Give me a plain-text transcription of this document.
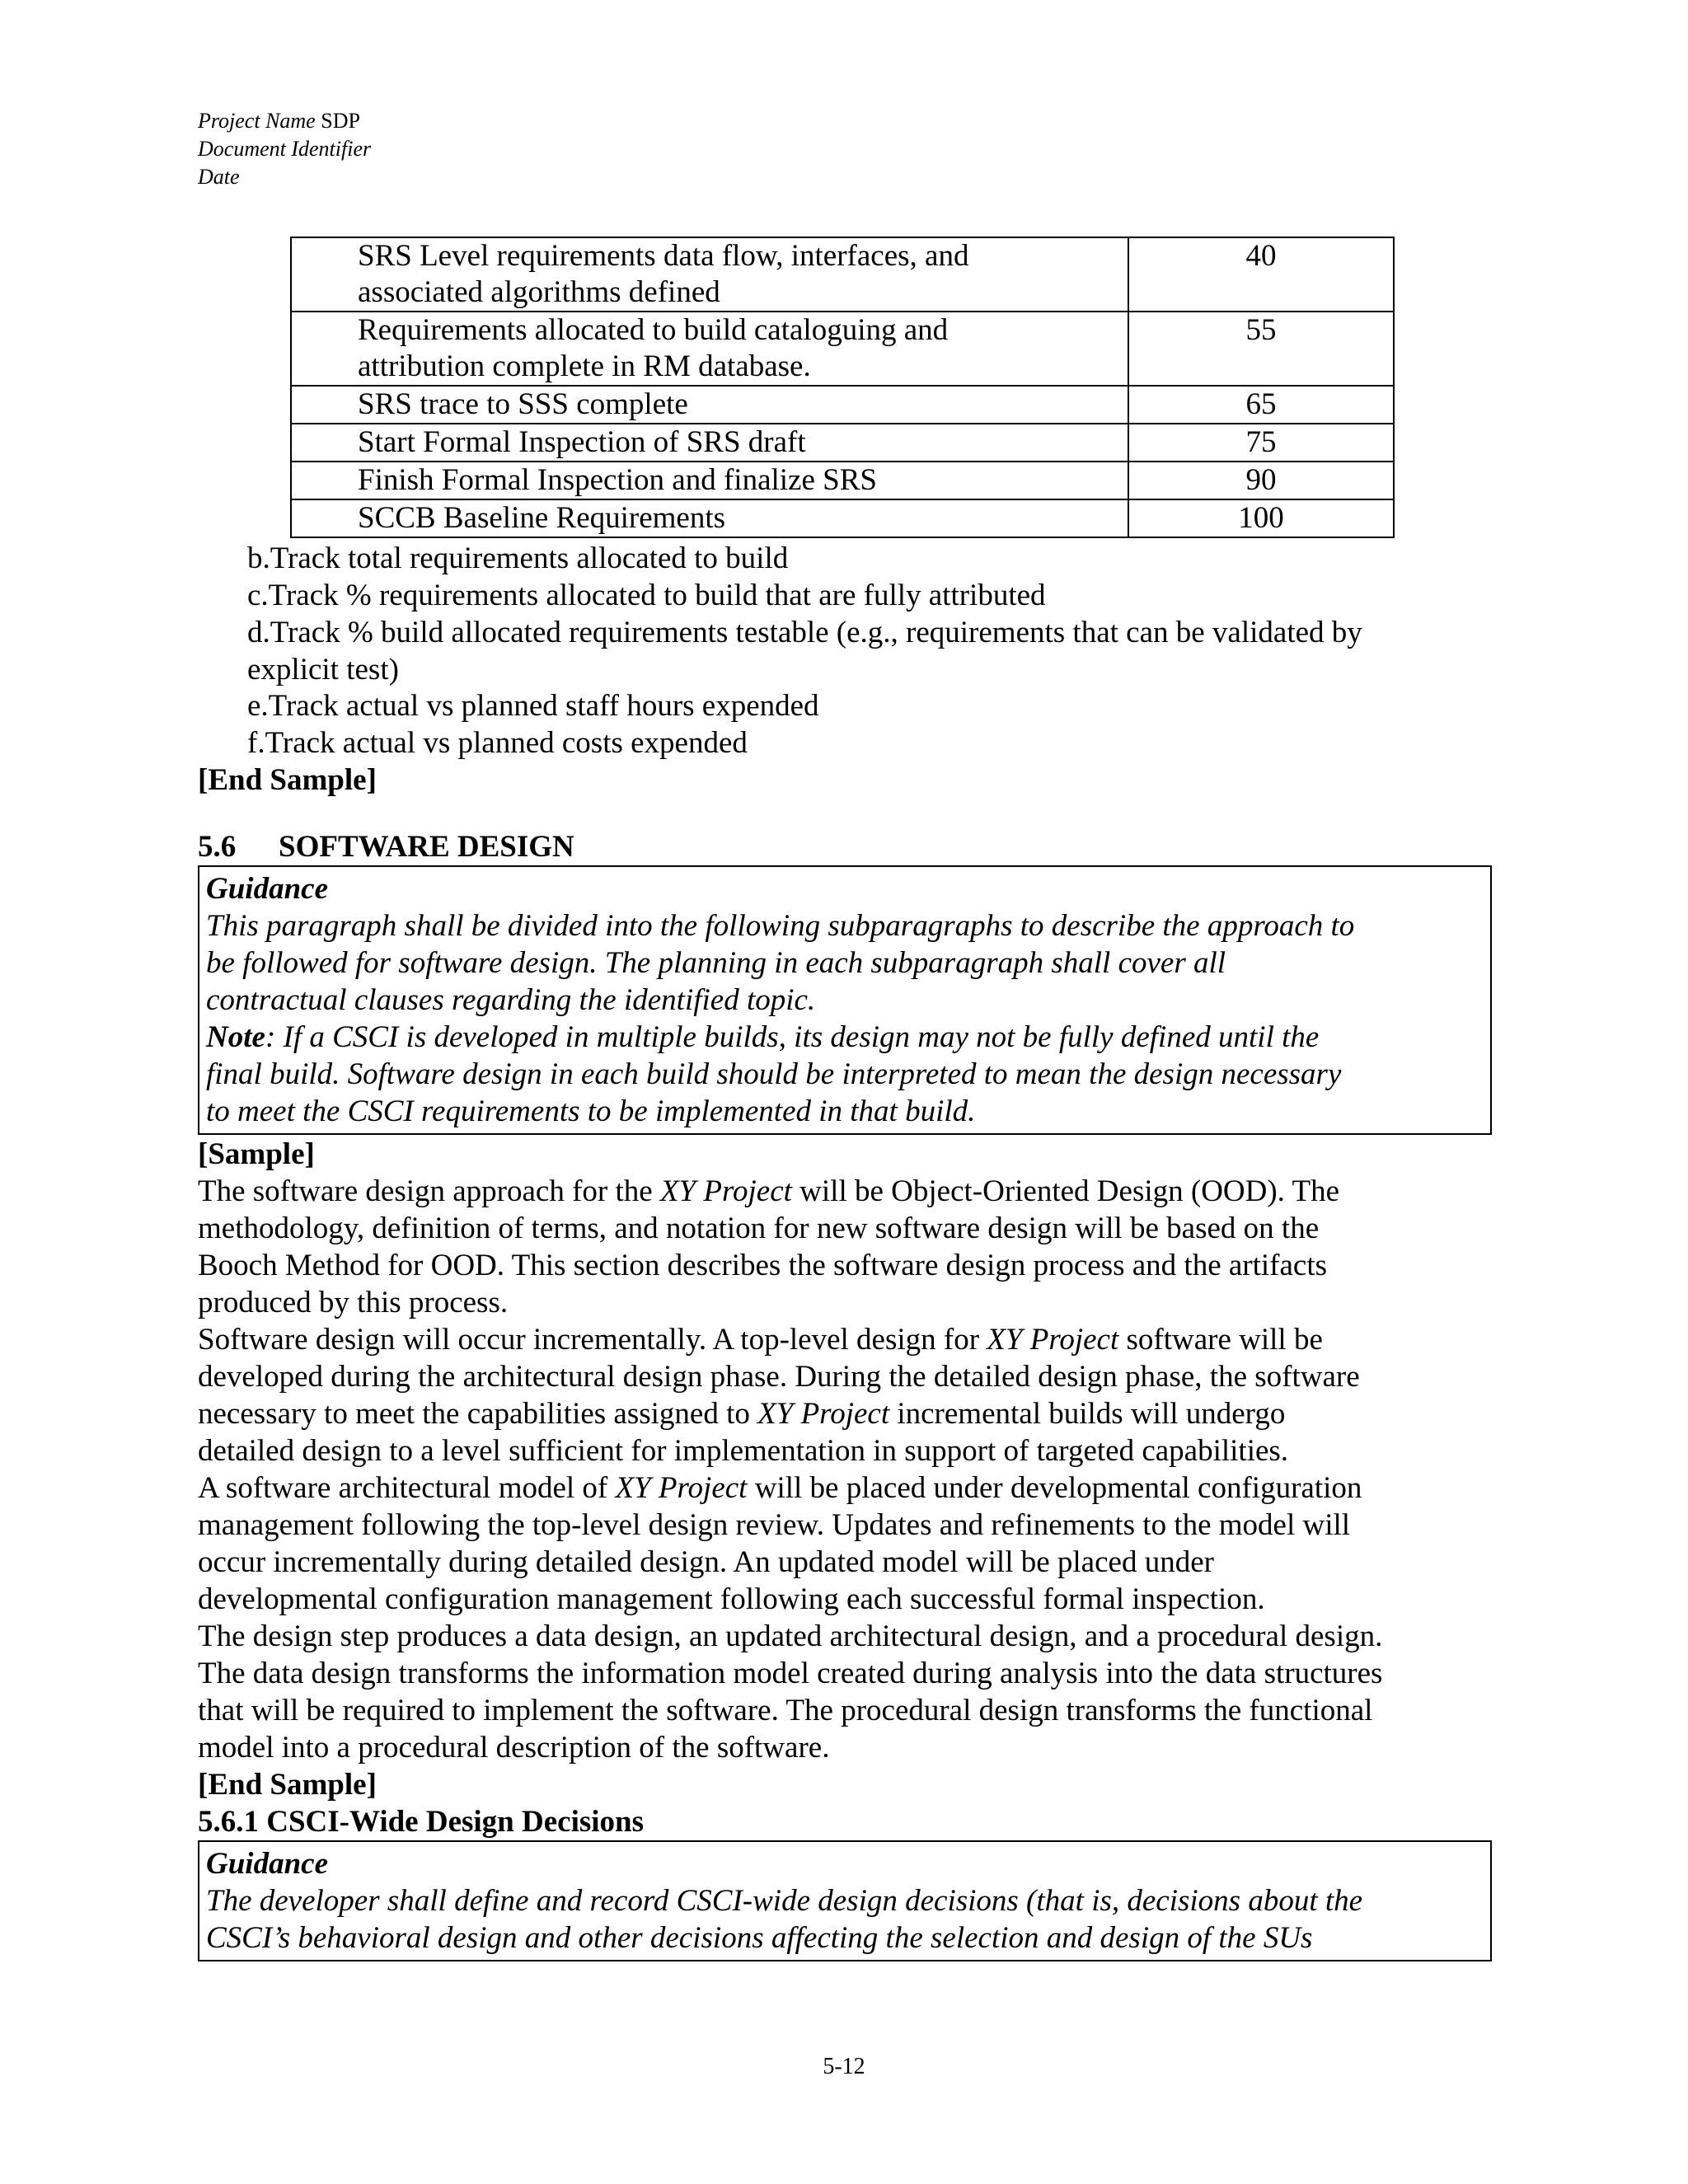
Project Name SDP
Document Identifier
Date
SRS Level requirements data flow, interfaces, and
associated algorithms defined	40
Requirements allocated to build cataloguing and
attribution complete in RM database.	55
SRS trace to SSS complete	65
Start Formal Inspection of SRS draft	75
Finish Formal Inspection and finalize SRS	90
SCCB Baseline Requirements	100
b.Track total requirements allocated to build
c.Track % requirements allocated to build that are fully attributed
d.Track % build allocated requirements testable (e.g., requirements that can be validated by
explicit test)
e.Track actual vs planned staff hours expended
f.Track actual vs planned costs expended
[End Sample]
5.6 SOFTWARE DESIGN
Guidance
This paragraph shall be divided into the following subparagraphs to describe the approach to
be followed for software design. The planning in each subparagraph shall cover all
contractual clauses regarding the identified topic.
Note: If a CSCI is developed in multiple builds, its design may not be fully defined until the
final build. Software design in each build should be interpreted to mean the design necessary
to meet the CSCI requirements to be implemented in that build.
[Sample]

The software design approach for the XY Project will be Object-Oriented Design (OOD). The
methodology, definition of terms, and notation for new software design will be based on the
Booch Method for OOD. This section describes the software design process and the artifacts
produced by this process.

Software design will occur incrementally. A top-level design for XY Project software will be
developed during the architectural design phase. During the detailed design phase, the software
necessary to meet the capabilities assigned to XY Project incremental builds will undergo
detailed design to a level sufficient for implementation in support of targeted capabilities.

A software architectural model of XY Project will be placed under developmental configuration
management following the top-level design review. Updates and refinements to the model will
occur incrementally during detailed design. An updated model will be placed under
developmental configuration management following each successful formal inspection.

The design step produces a data design, an updated architectural design, and a procedural design.
The data design transforms the information model created during analysis into the data structures
that will be required to implement the software. The procedural design transforms the functional
model into a procedural description of the software.

[End Sample]
5.6.1 CSCI-Wide Design Decisions
Guidance
The developer shall define and record CSCI-wide design decisions (that is, decisions about the
CSCI’s behavioral design and other decisions affecting the selection and design of the SUs
5-12
